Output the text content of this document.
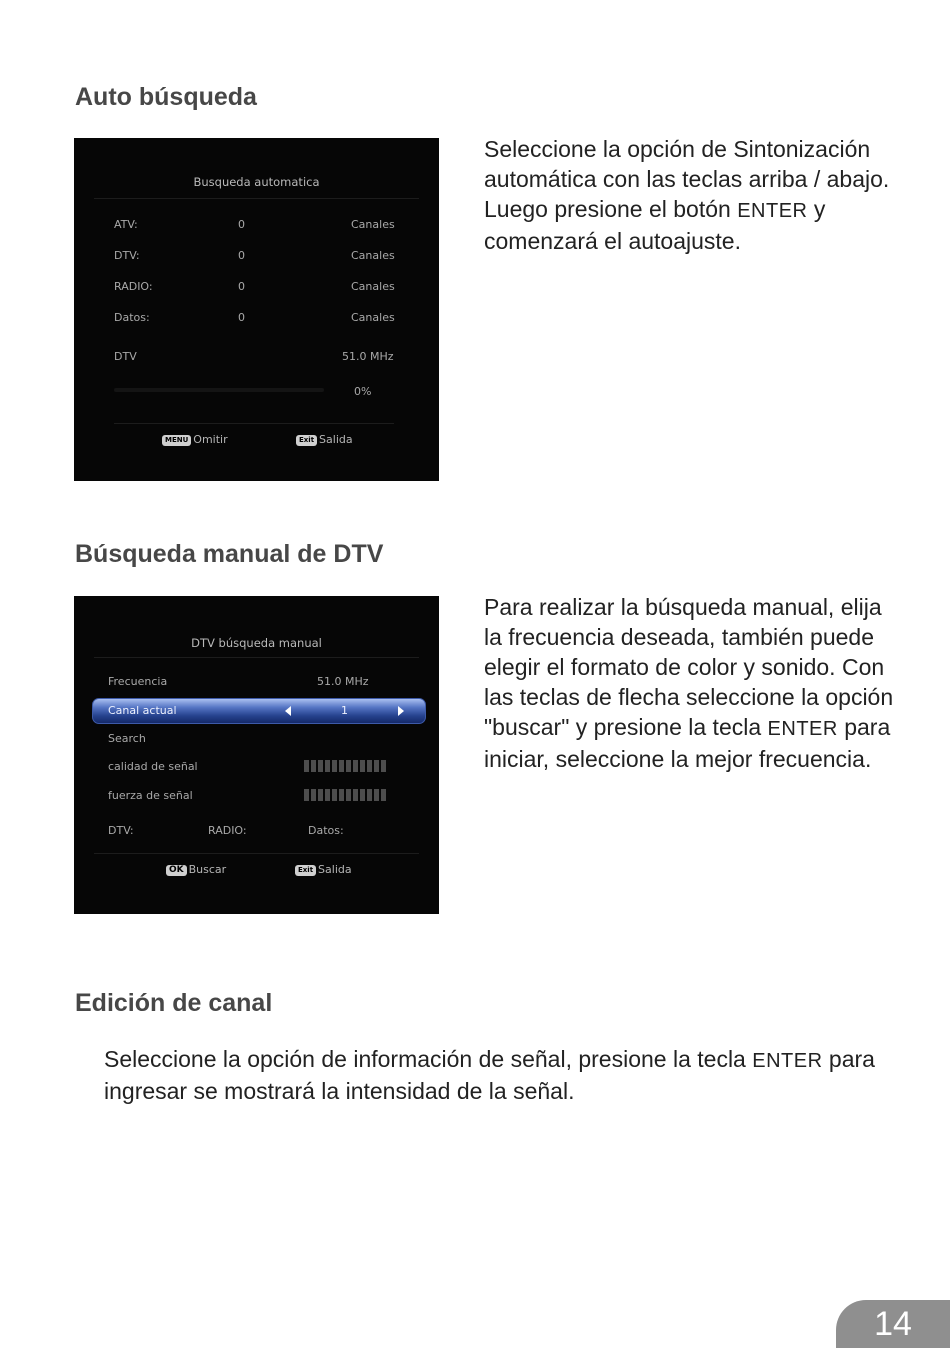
Auto búsqueda
Busqueda automatica
ATV:	0	Canales
DTV:	0	Canales
RADIO:	0	Canales
Datos:	0	Canales
DTV	51.0 MHz
0%
MENU Omitir	Exit Salida

Seleccione la opción de Sintonización automática con las teclas arriba / abajo. Luego presione el botón ENTER y comenzará el autoajuste.

Búsqueda manual de DTV
DTV búsqueda manual
Frecuencia	51.0 MHz
Canal actual	1
Search
calidad de señal
fuerza de señal
DTV:	RADIO:	Datos:
OK Buscar	Exit Salida

Para realizar la búsqueda manual, elija la frecuencia deseada, también puede elegir el formato de color y sonido. Con las teclas de flecha seleccione la opción "buscar" y presione la tecla ENTER para iniciar, seleccione la mejor frecuencia.

Edición de canal

Seleccione la opción de información de señal, presione la tecla ENTER para ingresar se mostrará la intensidad de la señal.

14
